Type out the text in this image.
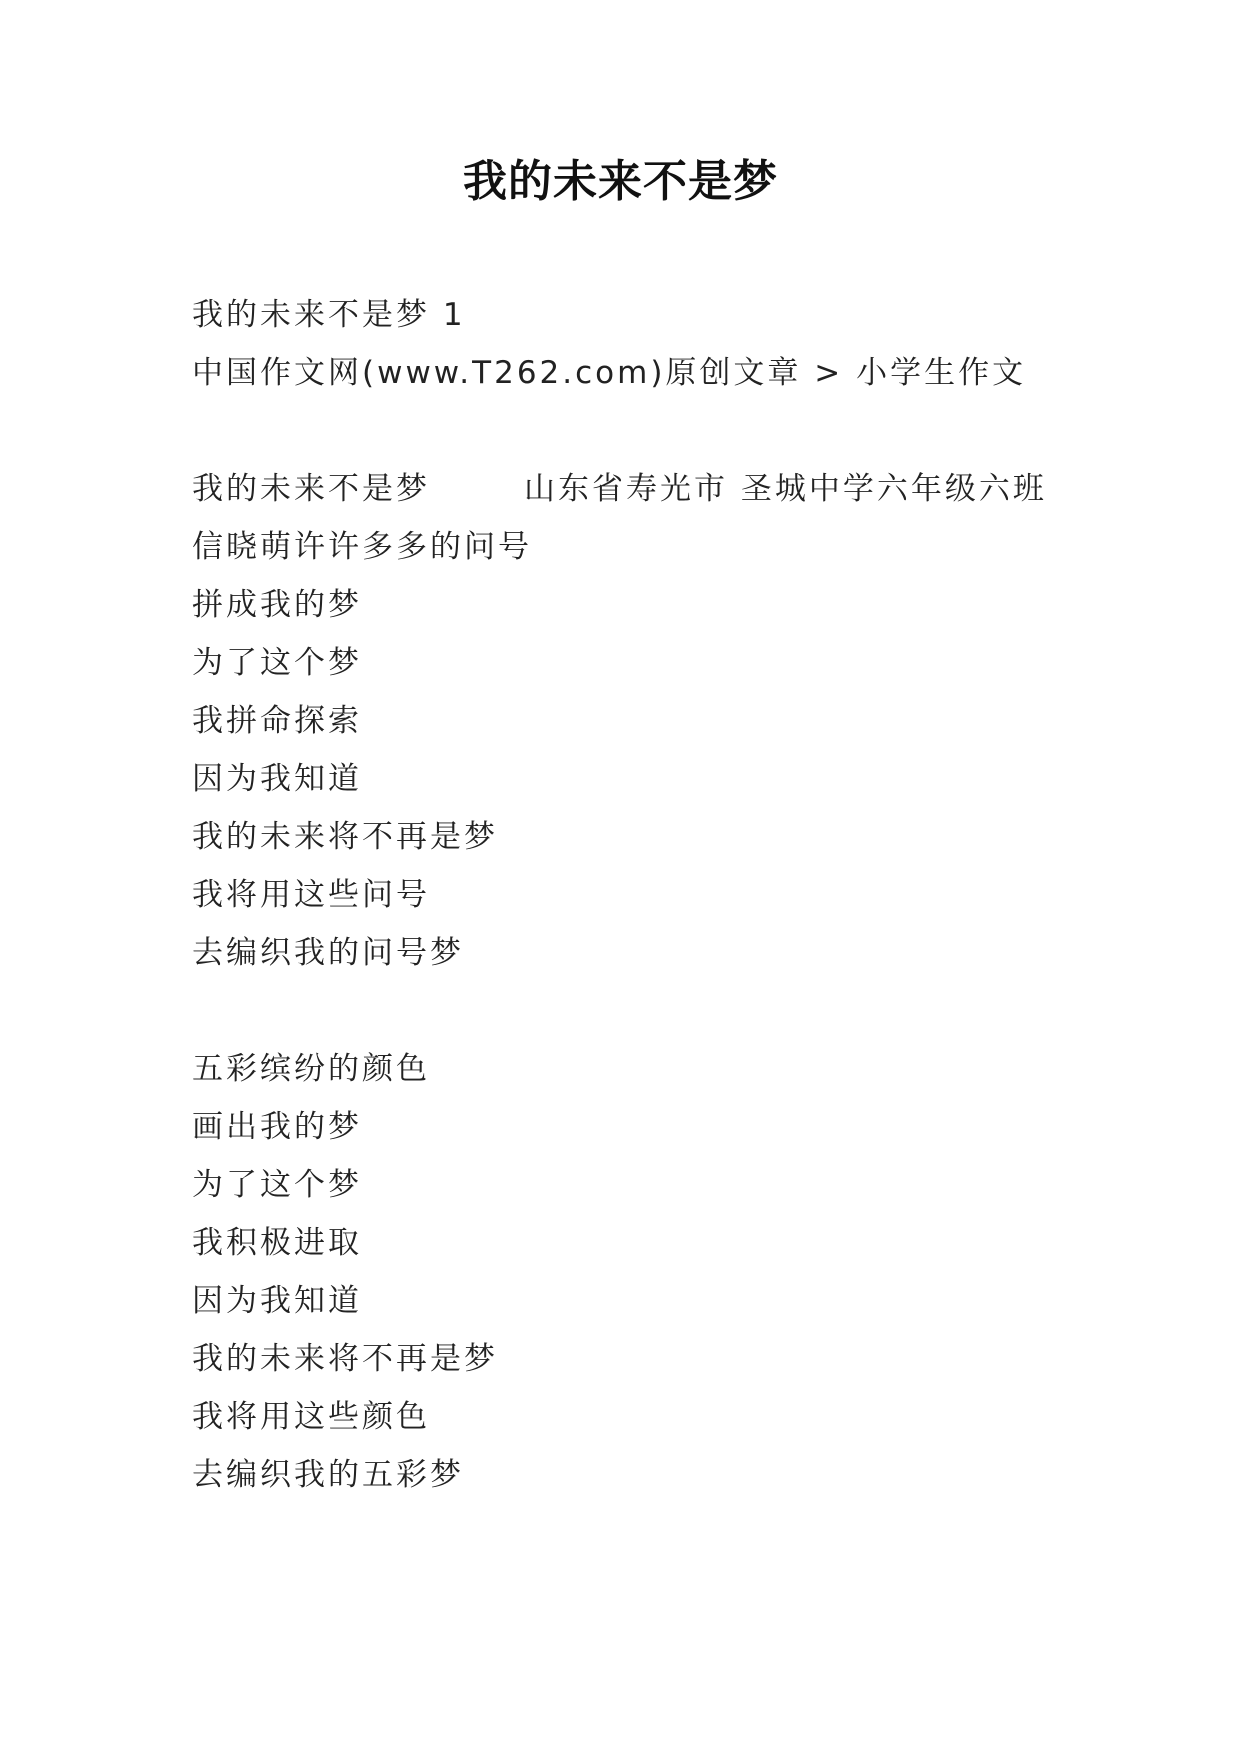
我的未来不是梦
我的未来不是梦 1
中国作文网(www.T262.com)原创文章 > 小学生作文
我的未来不是梦	山东省寿光市 圣城中学六年级六班
信晓萌许许多多的问号
拼成我的梦
为了这个梦
我拼命探索
因为我知道
我的未来将不再是梦
我将用这些问号
去编织我的问号梦
五彩缤纷的颜色
画出我的梦
为了这个梦
我积极进取
因为我知道
我的未来将不再是梦
我将用这些颜色
去编织我的五彩梦
